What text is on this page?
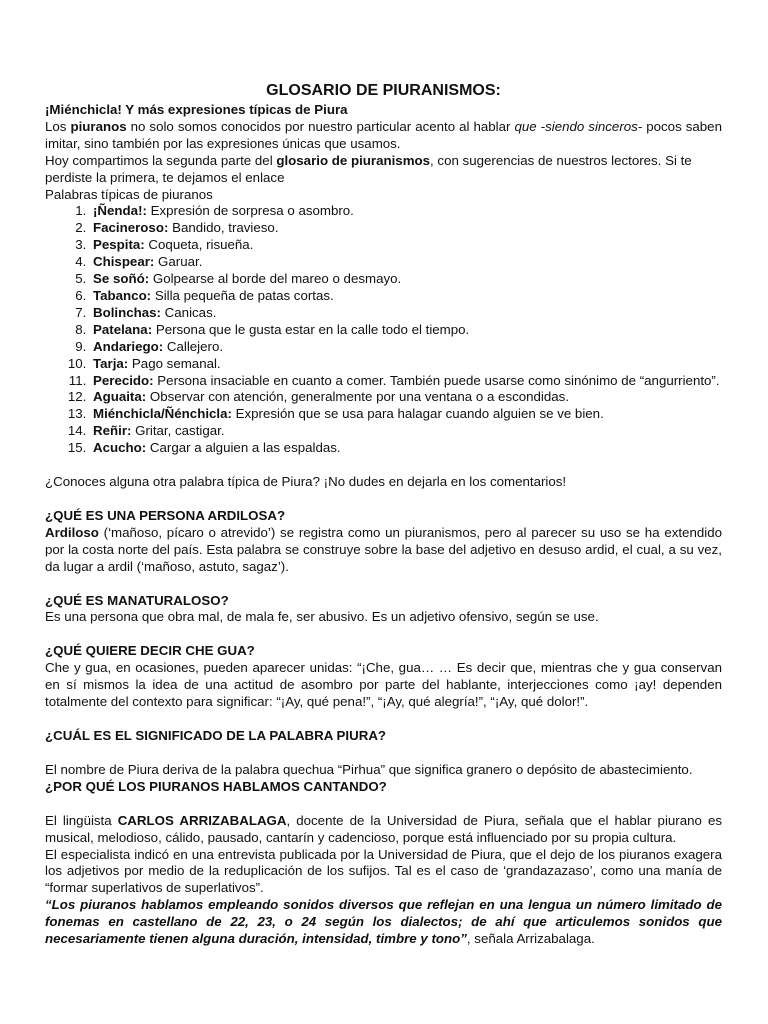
GLOSARIO DE PIURANISMOS:

¡Miénchicla! Y más expresiones típicas de Piura

Los piuranos no solo somos conocidos por nuestro particular acento al hablar que -siendo sinceros- pocos saben imitar, sino también por las expresiones únicas que usamos.

Hoy compartimos la segunda parte del glosario de piuranismos, con sugerencias de nuestros lectores. Si te perdiste la primera, te dejamos el enlace

Palabras típicas de piuranos

1. ¡Ñenda!: Expresión de sorpresa o asombro.
2. Facineroso: Bandido, travieso.
3. Pespita: Coqueta, risueña.
4. Chispear: Garuar.
5. Se soñó: Golpearse al borde del mareo o desmayo.
6. Tabanco: Silla pequeña de patas cortas.
7. Bolinchas: Canicas.
8. Patelana: Persona que le gusta estar en la calle todo el tiempo.
9. Andariego: Callejero.
10. Tarja: Pago semanal.
11. Perecido: Persona insaciable en cuanto a comer. También puede usarse como sinónimo de “angurriento”.
12. Aguaita: Observar con atención, generalmente por una ventana o a escondidas.
13. Miénchicla/Ñénchicla: Expresión que se usa para halagar cuando alguien se ve bien.
14. Reñir: Gritar, castigar.
15. Acucho: Cargar a alguien a las espaldas.

¿Conoces alguna otra palabra típica de Piura? ¡No dudes en dejarla en los comentarios!

¿QUÉ ES UNA PERSONA ARDILOSA?

Ardiloso (‘mañoso, pícaro o atrevido’) se registra como un piuranismos, pero al parecer su uso se ha extendido por la costa norte del país. Esta palabra se construye sobre la base del adjetivo en desuso ardid, el cual, a su vez, da lugar a ardil (‘mañoso, astuto, sagaz’).

¿QUÉ ES MANATURALOSO?

Es una persona que obra mal, de mala fe, ser abusivo. Es un adjetivo ofensivo, según se use.

¿QUÉ QUIERE DECIR CHE GUA?

Che y gua, en ocasiones, pueden aparecer unidas: “¡Che, gua… … Es decir que, mientras che y gua conservan en sí mismos la idea de una actitud de asombro por parte del hablante, interjecciones como ¡ay! dependen totalmente del contexto para significar: “¡Ay, qué pena!”, “¡Ay, qué alegría!”, “¡Ay, qué dolor!”.

¿CUÁL ES EL SIGNIFICADO DE LA PALABRA PIURA?

El nombre de Piura deriva de la palabra quechua “Pirhua” que significa granero o depósito de abastecimiento.

¿POR QUÉ LOS PIURANOS HABLAMOS CANTANDO?

El lingüista CARLOS ARRIZABALAGA, docente de la Universidad de Piura, señala que el hablar piurano es musical, melodioso, cálido, pausado, cantarín y cadencioso, porque está influenciado por su propia cultura.

El especialista indicó en una entrevista publicada por la Universidad de Piura, que el dejo de los piuranos exagera los adjetivos por medio de la reduplicación de los sufijos. Tal es el caso de ‘grandazazaso’, como una manía de “formar superlativos de superlativos”.

“Los piuranos hablamos empleando sonidos diversos que reflejan en una lengua un número limitado de fonemas en castellano de 22, 23, o 24 según los dialectos; de ahí que articulemos sonidos que necesariamente tienen alguna duración, intensidad, timbre y tono”, señala Arrizabalaga.
